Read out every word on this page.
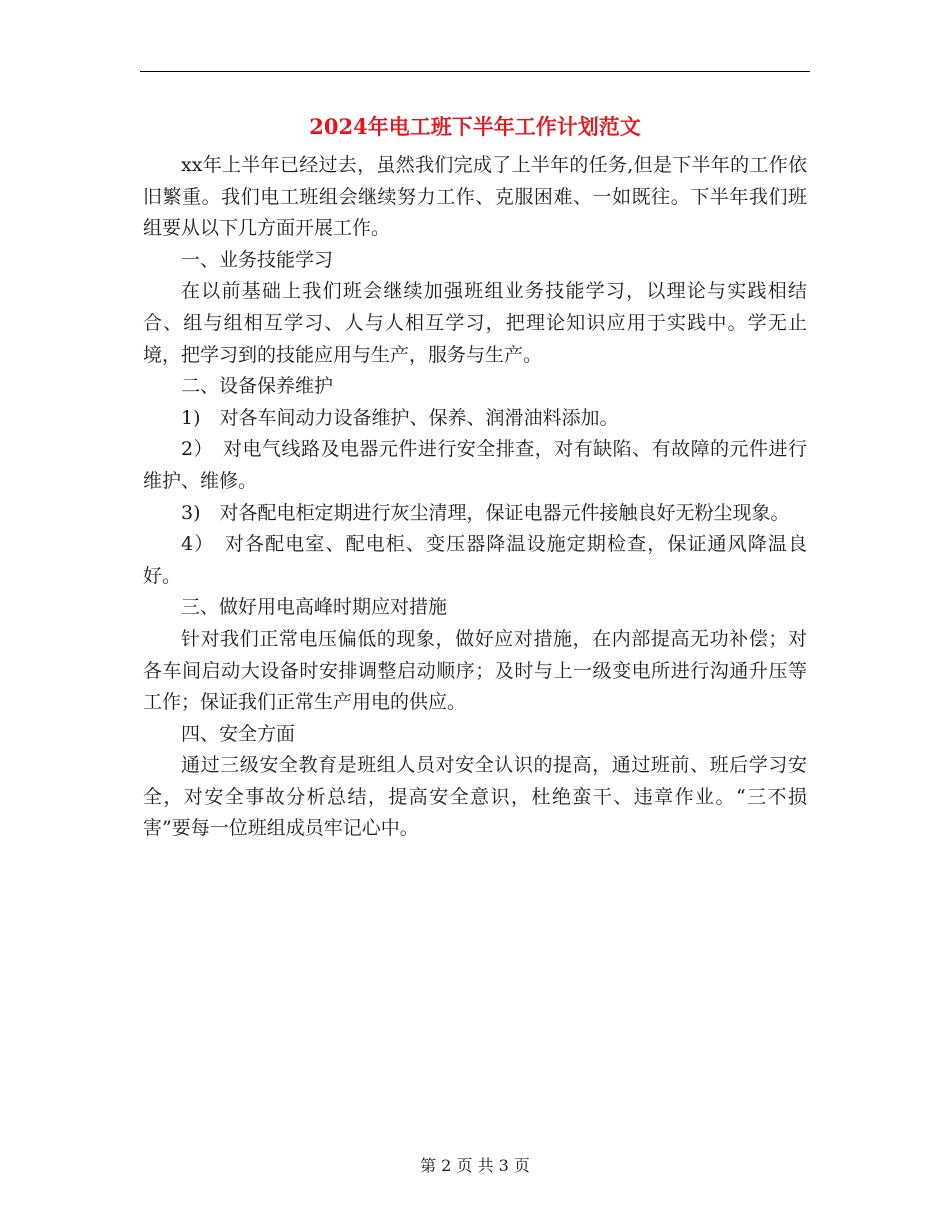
2024年电工班下半年工作计划范文

xx年上半年已经过去，虽然我们完成了上半年的任务,但是下半年的工作依旧繁重。我们电工班组会继续努力工作、克服困难、一如既往。下半年我们班组要从以下几方面开展工作。

一、业务技能学习

在以前基础上我们班会继续加强班组业务技能学习，以理论与实践相结合、组与组相互学习、人与人相互学习，把理论知识应用于实践中。学无止境，把学习到的技能应用与生产，服务与生产。

二、设备保养维护

1)　对各车间动力设备维护、保养、润滑油料添加。

2）　对电气线路及电器元件进行安全排查，对有缺陷、有故障的元件进行维护、维修。

3)　对各配电柜定期进行灰尘清理，保证电器元件接触良好无粉尘现象。

4）　对各配电室、配电柜、变压器降温设施定期检查，保证通风降温良好。

三、做好用电高峰时期应对措施

针对我们正常电压偏低的现象，做好应对措施，在内部提高无功补偿；对各车间启动大设备时安排调整启动顺序；及时与上一级变电所进行沟通升压等工作；保证我们正常生产用电的供应。

四、安全方面

通过三级安全教育是班组人员对安全认识的提高，通过班前、班后学习安全，对安全事故分析总结，提高安全意识，杜绝蛮干、违章作业。“三不损害”要每一位班组成员牢记心中。

第 2 页 共 3 页
